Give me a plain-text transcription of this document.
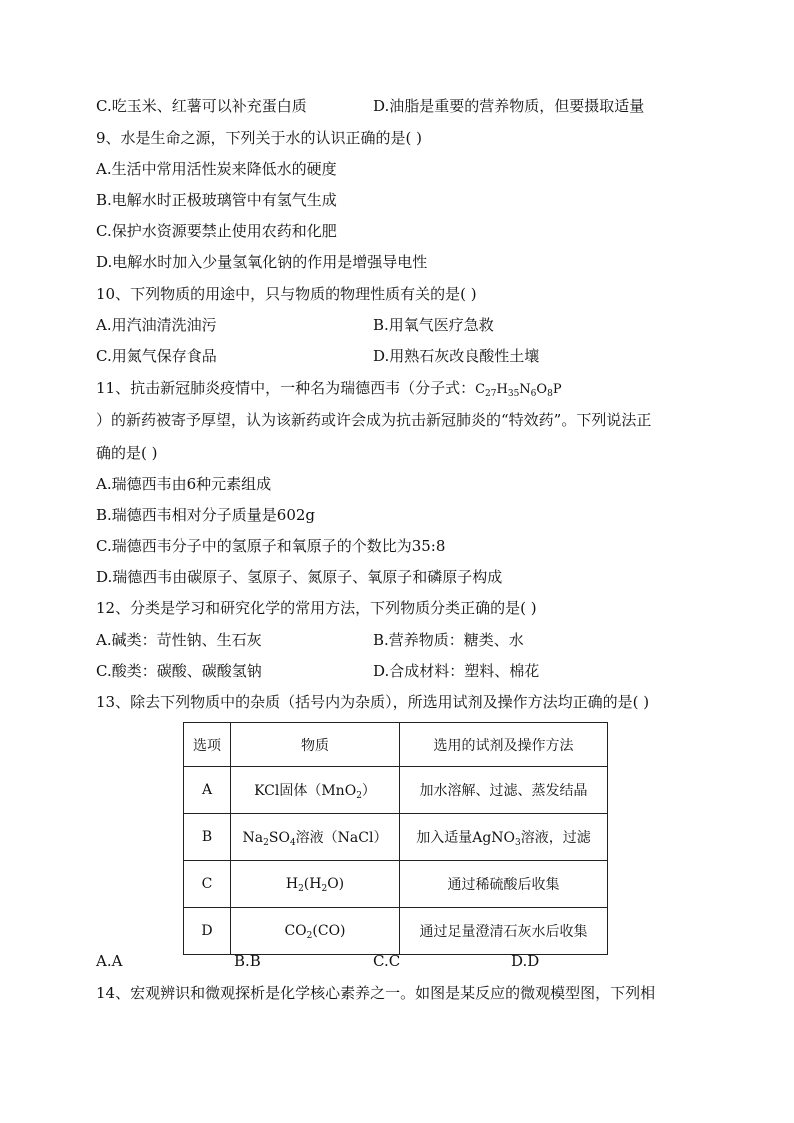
C.吃玉米、红薯可以补充蛋白质	D.油脂是重要的营养物质，但要摄取适量
9、水是生命之源，下列关于水的认识正确的是( )
A.生活中常用活性炭来降低水的硬度
B.电解水时正极玻璃管中有氢气生成
C.保护水资源要禁止使用农药和化肥
D.电解水时加入少量氢氧化钠的作用是增强导电性
10、下列物质的用途中，只与物质的物理性质有关的是( )
A.用汽油清洗油污	B.用氧气医疗急救
C.用氮气保存食品	D.用熟石灰改良酸性土壤
11、抗击新冠肺炎疫情中，一种名为瑞德西韦（分子式：$C_{27}H_{35}N_6O_8P$
）的新药被寄予厚望，认为该新药或许会成为抗击新冠肺炎的“特效药”。下列说法正
确的是( )
A.瑞德西韦由6种元素组成
B.瑞德西韦相对分子质量是602g
C.瑞德西韦分子中的氢原子和氧原子的个数比为35:8
D.瑞德西韦由碳原子、氢原子、氮原子、氧原子和磷原子构成
12、分类是学习和研究化学的常用方法，下列物质分类正确的是( )
A.碱类：苛性钠、生石灰	B.营养物质：糖类、水
C.酸类：碳酸、碳酸氢钠	D.合成材料：塑料、棉花
13、除去下列物质中的杂质（括号内为杂质），所选用试剂及操作方法均正确的是( )
选项	物质	选用的试剂及操作方法
A	KCl固体（MnO$_2$）	加水溶解、过滤、蒸发结晶
B	$Na_2SO_4$溶液（NaCl）	加入适量AgNO$_3$溶液，过滤
C	$H_2(H_2O)$	通过稀硫酸后收集
D	$CO_2(CO)$	通过足量澄清石灰水后收集
A.A	B.B	C.C	D.D
14、宏观辨识和微观探析是化学核心素养之一。如图是某反应的微观模型图，下列相
